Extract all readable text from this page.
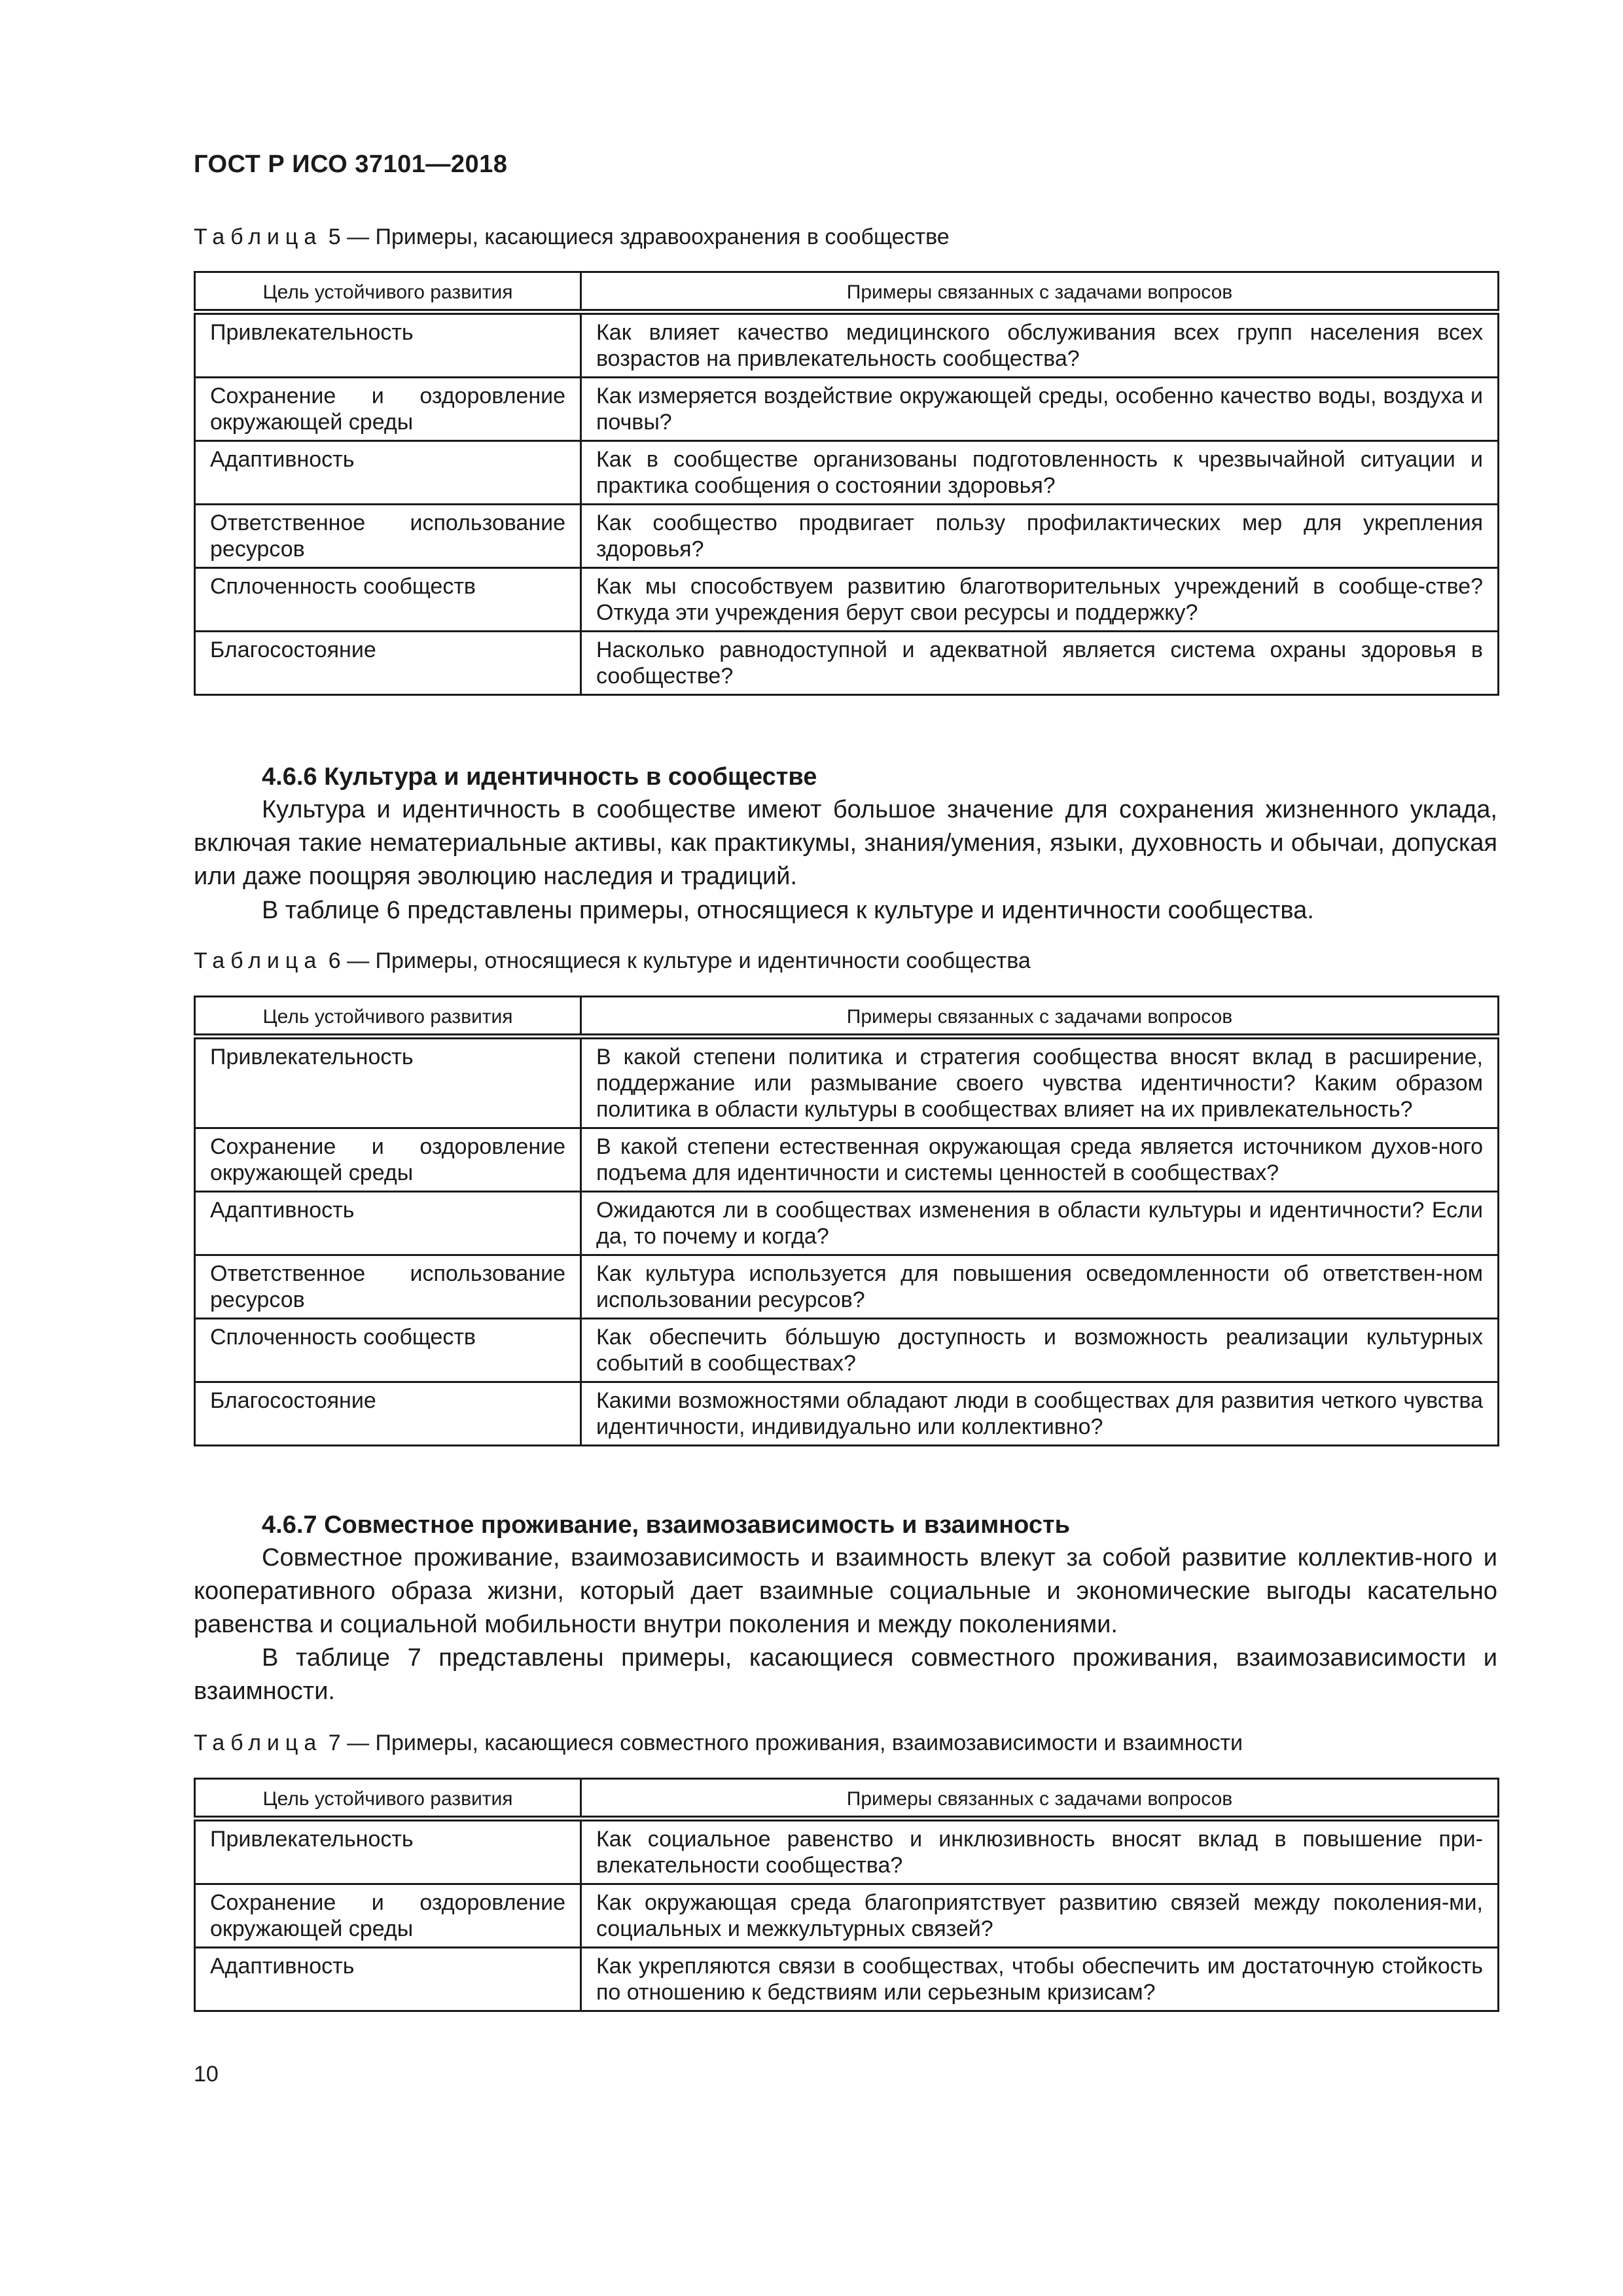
ГОСТ Р ИСО 37101—2018
Таблица 5 — Примеры, касающиеся здравоохранения в сообществе
Цель устойчивого развития	Примеры связанных с задачами вопросов
Привлекательность	Как влияет качество медицинского обслуживания всех групп населения всех возрастов на привлекательность сообщества?
Сохранение и оздоровление окружающей среды	Как измеряется воздействие окружающей среды, особенно качество воды, воздуха и почвы?
Адаптивность	Как в сообществе организованы подготовленность к чрезвычайной ситуации и практика сообщения о состоянии здоровья?
Ответственное использование ресурсов	Как сообщество продвигает пользу профилактических мер для укрепления здоровья?
Сплоченность сообществ	Как мы способствуем развитию благотворительных учреждений в сообще-стве? Откуда эти учреждения берут свои ресурсы и поддержку?
Благосостояние	Насколько равнодоступной и адекватной является система охраны здоровья в сообществе?
4.6.6 Культура и идентичность в сообществе
Культура и идентичность в сообществе имеют большое значение для сохранения жизненного уклада, включая такие нематериальные активы, как практикумы, знания/умения, языки, духовность и обычаи, допуская или даже поощряя эволюцию наследия и традиций.
В таблице 6 представлены примеры, относящиеся к культуре и идентичности сообщества.
Таблица 6 — Примеры, относящиеся к культуре и идентичности сообщества
Цель устойчивого развития	Примеры связанных с задачами вопросов
Привлекательность	В какой степени политика и стратегия сообщества вносят вклад в расширение, поддержание или размывание своего чувства идентичности? Каким образом политика в области культуры в сообществах влияет на их привлекательность?
Сохранение и оздоровление окружающей среды	В какой степени естественная окружающая среда является источником духов-ного подъема для идентичности и системы ценностей в сообществах?
Адаптивность	Ожидаются ли в сообществах изменения в области культуры и идентичности? Если да, то почему и когда?
Ответственное использование ресурсов	Как культура используется для повышения осведомленности об ответствен-ном использовании ресурсов?
Сплоченность сообществ	Как обеспечить бо́льшую доступность и возможность реализации культурных событий в сообществах?
Благосостояние	Какими возможностями обладают люди в сообществах для развития четкого чувства идентичности, индивидуально или коллективно?
4.6.7 Совместное проживание, взаимозависимость и взаимность
Совместное проживание, взаимозависимость и взаимность влекут за собой развитие коллектив-ного и кооперативного образа жизни, который дает взаимные социальные и экономические выгоды касательно равенства и социальной мобильности внутри поколения и между поколениями.
В таблице 7 представлены примеры, касающиеся совместного проживания, взаимозависимости и взаимности.
Таблица 7 — Примеры, касающиеся совместного проживания, взаимозависимости и взаимности
Цель устойчивого развития	Примеры связанных с задачами вопросов
Привлекательность	Как социальное равенство и инклюзивность вносят вклад в повышение при-влекательности сообщества?
Сохранение и оздоровление окружающей среды	Как окружающая среда благоприятствует развитию связей между поколения-ми, социальных и межкультурных связей?
Адаптивность	Как укрепляются связи в сообществах, чтобы обеспечить им достаточную стойкость по отношению к бедствиям или серьезным кризисам?
10
